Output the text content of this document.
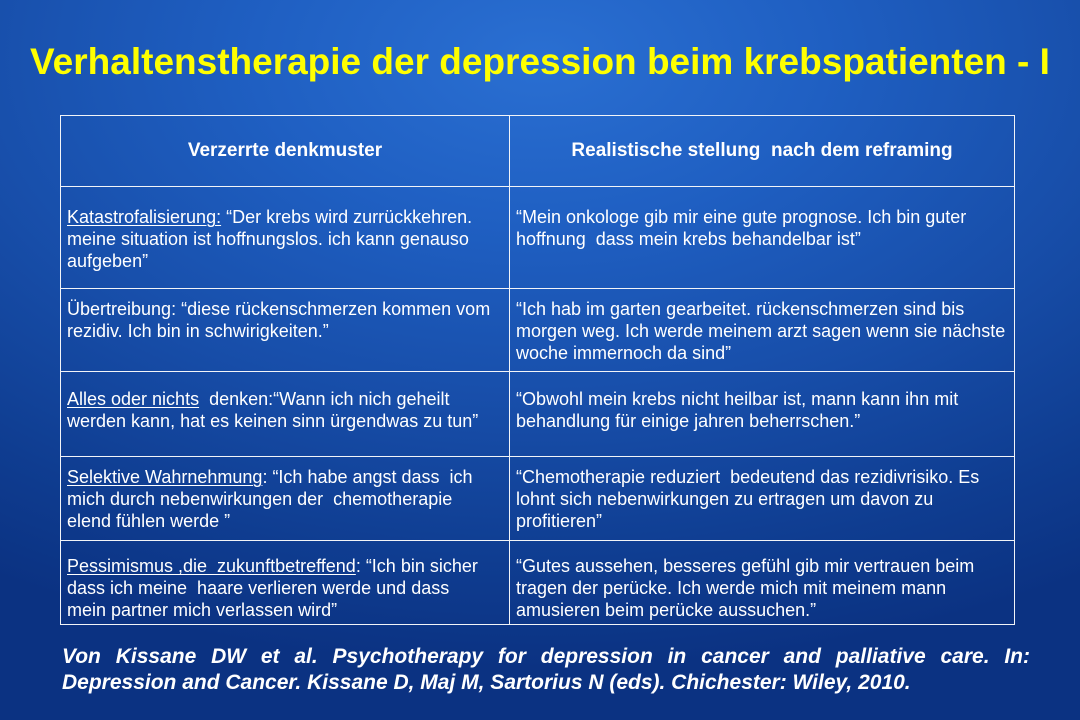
Verhaltenstherapie der depression beim krebspatienten - I
Verzerrte denkmuster	Realistische stellung  nach dem reframing
Katastrofalisierung: “Der krebs wird zurrückkehren.
meine situation ist hoffnungslos. ich kann genauso
aufgeben”
“Mein onkologe gib mir eine gute prognose. Ich bin guter
hoffnung  dass mein krebs behandelbar ist”
Übertreibung: “diese rückenschmerzen kommen vom
rezidiv. Ich bin in schwirigkeiten.”
“Ich hab im garten gearbeitet. rückenschmerzen sind bis
morgen weg. Ich werde meinem arzt sagen wenn sie nächste
woche immernoch da sind”
Alles oder nichts  denken:“Wann ich nich geheilt
werden kann, hat es keinen sinn ürgendwas zu tun”
“Obwohl mein krebs nicht heilbar ist, mann kann ihn mit
behandlung für einige jahren beherrschen.”
Selektive Wahrnehmung: “Ich habe angst dass  ich
mich durch nebenwirkungen der  chemotherapie
elend fühlen werde ”
“Chemotherapie reduziert  bedeutend das rezidivrisiko. Es
lohnt sich nebenwirkungen zu ertragen um davon zu
profitieren”
Pessimismus ,die  zukunftbetreffend: “Ich bin sicher
dass ich meine  haare verlieren werde und dass
mein partner mich verlassen wird”
“Gutes aussehen, besseres gefühl gib mir vertrauen beim
tragen der perücke. Ich werde mich mit meinem mann
amusieren beim perücke aussuchen.”
Von Kissane DW et al. Psychotherapy for depression in cancer and palliative care. In:
Depression and Cancer. Kissane D, Maj M, Sartorius N (eds). Chichester: Wiley, 2010.
